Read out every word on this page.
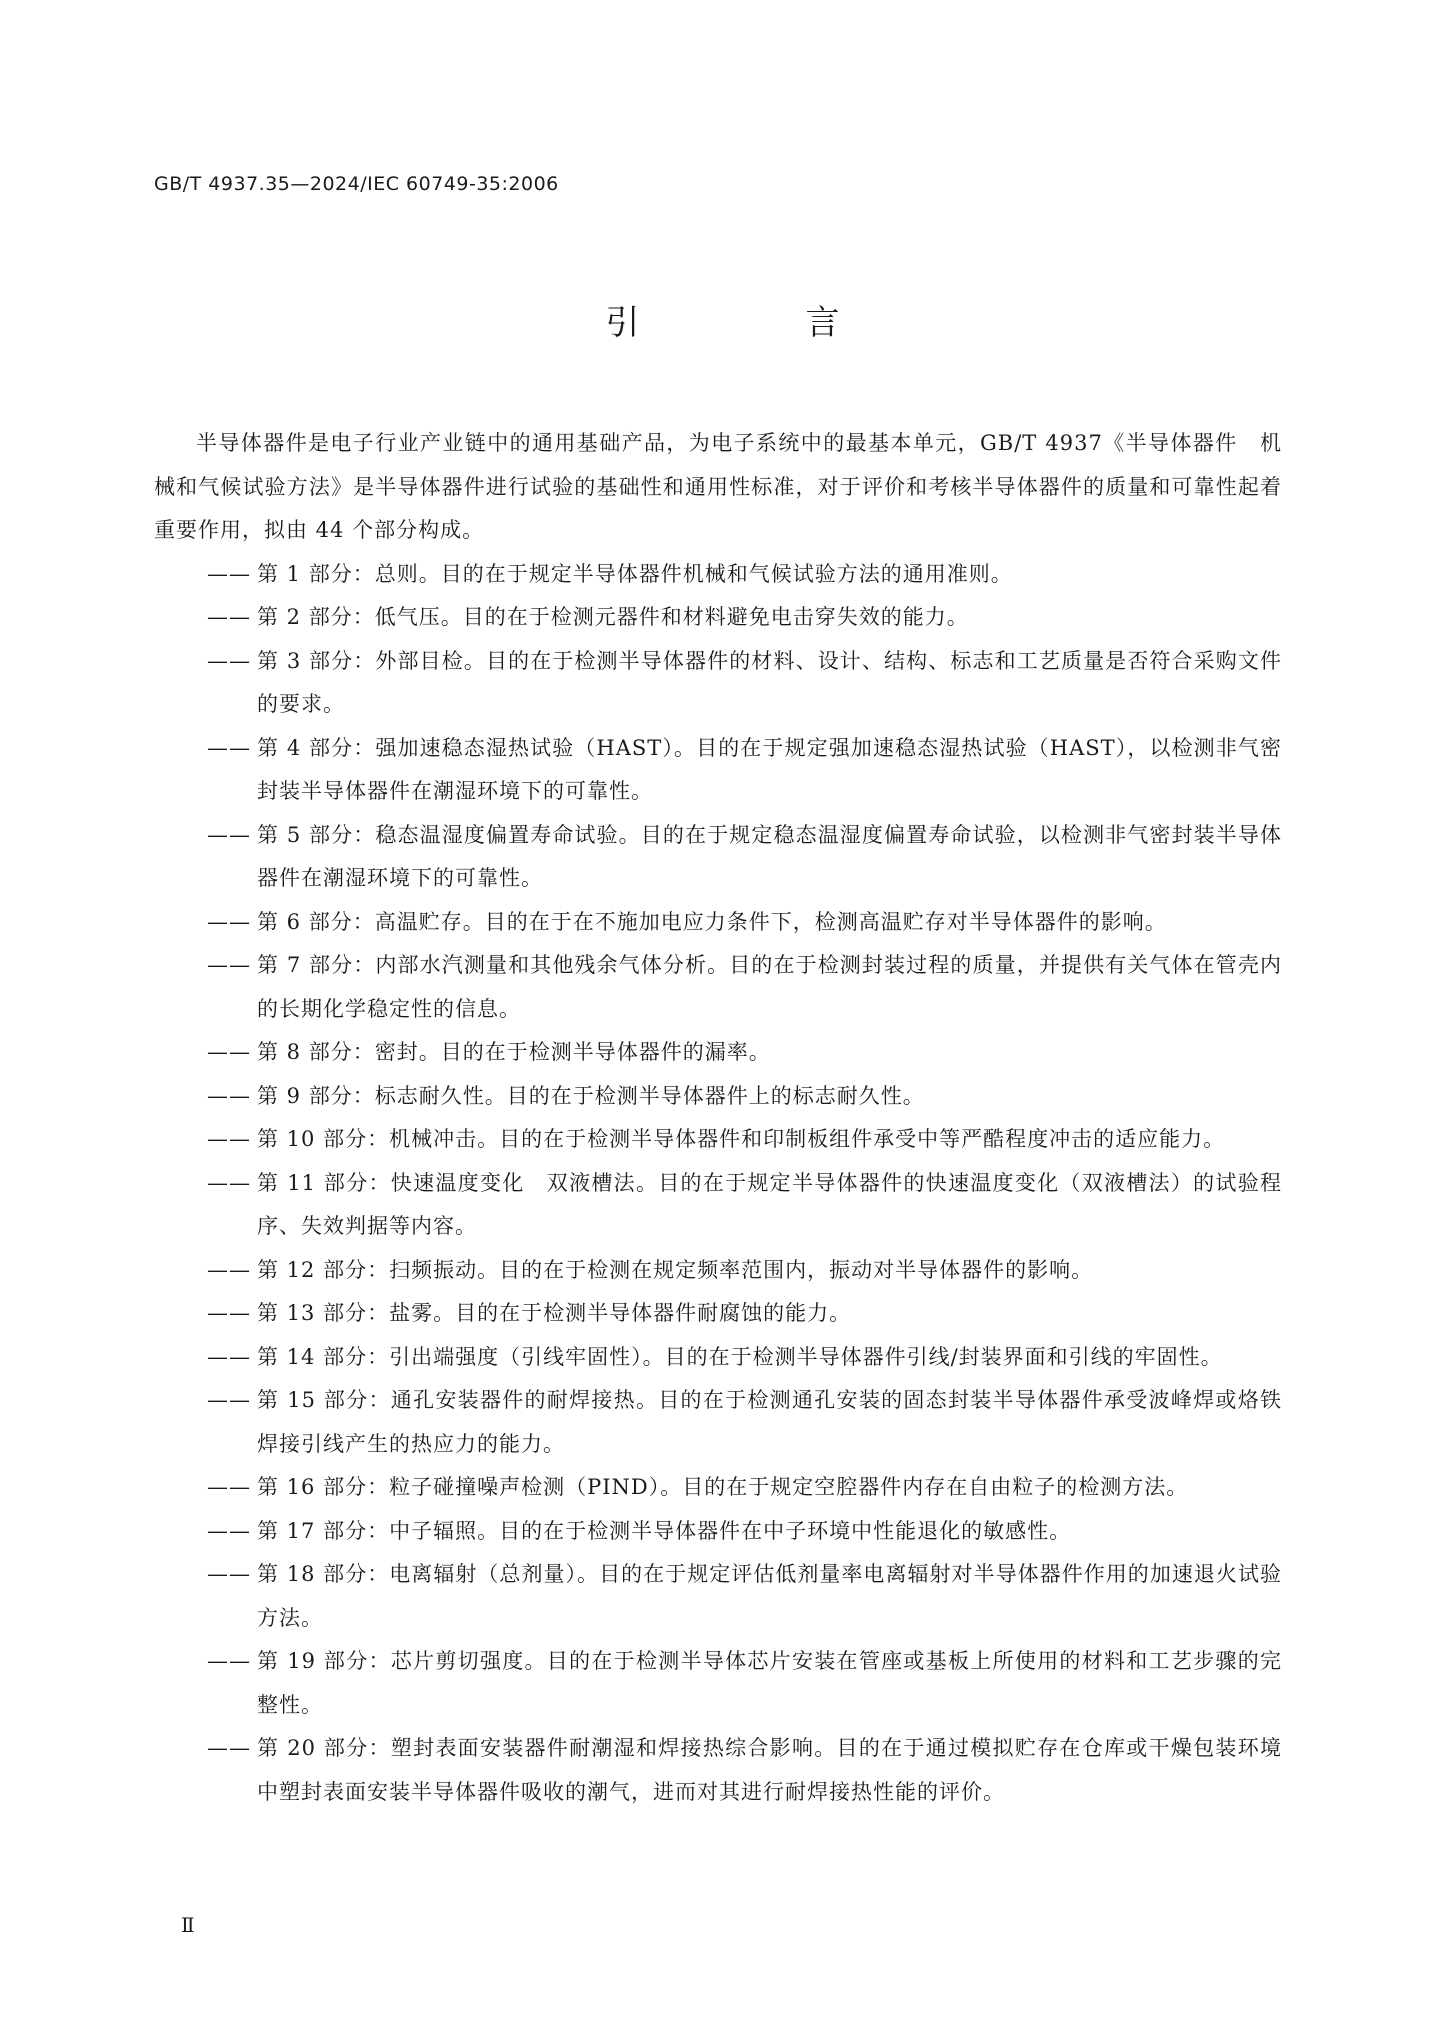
GB/T 4937.35—2024/IEC 60749-35:2006
引　言

半导体器件是电子行业产业链中的通用基础产品，为电子系统中的最基本单元，GB/T 4937《半导体器件　机械和气候试验方法》是半导体器件进行试验的基础性和通用性标准，对于评价和考核半导体器件的质量和可靠性起着重要作用，拟由 44 个部分构成。

—— 第 1 部分：总则。目的在于规定半导体器件机械和气候试验方法的通用准则。
—— 第 2 部分：低气压。目的在于检测元器件和材料避免电击穿失效的能力。
—— 第 3 部分：外部目检。目的在于检测半导体器件的材料、设计、结构、标志和工艺质量是否符合采购文件的要求。
—— 第 4 部分：强加速稳态湿热试验（HAST）。目的在于规定强加速稳态湿热试验（HAST），以检测非气密封装半导体器件在潮湿环境下的可靠性。
—— 第 5 部分：稳态温湿度偏置寿命试验。目的在于规定稳态温湿度偏置寿命试验，以检测非气密封装半导体器件在潮湿环境下的可靠性。
—— 第 6 部分：高温贮存。目的在于在不施加电应力条件下，检测高温贮存对半导体器件的影响。
—— 第 7 部分：内部水汽测量和其他残余气体分析。目的在于检测封装过程的质量，并提供有关气体在管壳内的长期化学稳定性的信息。
—— 第 8 部分：密封。目的在于检测半导体器件的漏率。
—— 第 9 部分：标志耐久性。目的在于检测半导体器件上的标志耐久性。
—— 第 10 部分：机械冲击。目的在于检测半导体器件和印制板组件承受中等严酷程度冲击的适应能力。
—— 第 11 部分：快速温度变化　双液槽法。目的在于规定半导体器件的快速温度变化（双液槽法）的试验程序、失效判据等内容。
—— 第 12 部分：扫频振动。目的在于检测在规定频率范围内，振动对半导体器件的影响。
—— 第 13 部分：盐雾。目的在于检测半导体器件耐腐蚀的能力。
—— 第 14 部分：引出端强度（引线牢固性）。目的在于检测半导体器件引线/封装界面和引线的牢固性。
—— 第 15 部分：通孔安装器件的耐焊接热。目的在于检测通孔安装的固态封装半导体器件承受波峰焊或烙铁焊接引线产生的热应力的能力。
—— 第 16 部分：粒子碰撞噪声检测（PIND）。目的在于规定空腔器件内存在自由粒子的检测方法。
—— 第 17 部分：中子辐照。目的在于检测半导体器件在中子环境中性能退化的敏感性。
—— 第 18 部分：电离辐射（总剂量）。目的在于规定评估低剂量率电离辐射对半导体器件作用的加速退火试验方法。
—— 第 19 部分：芯片剪切强度。目的在于检测半导体芯片安装在管座或基板上所使用的材料和工艺步骤的完整性。
—— 第 20 部分：塑封表面安装器件耐潮湿和焊接热综合影响。目的在于通过模拟贮存在仓库或干燥包装环境中塑封表面安装半导体器件吸收的潮气，进而对其进行耐焊接热性能的评价。
Ⅱ
